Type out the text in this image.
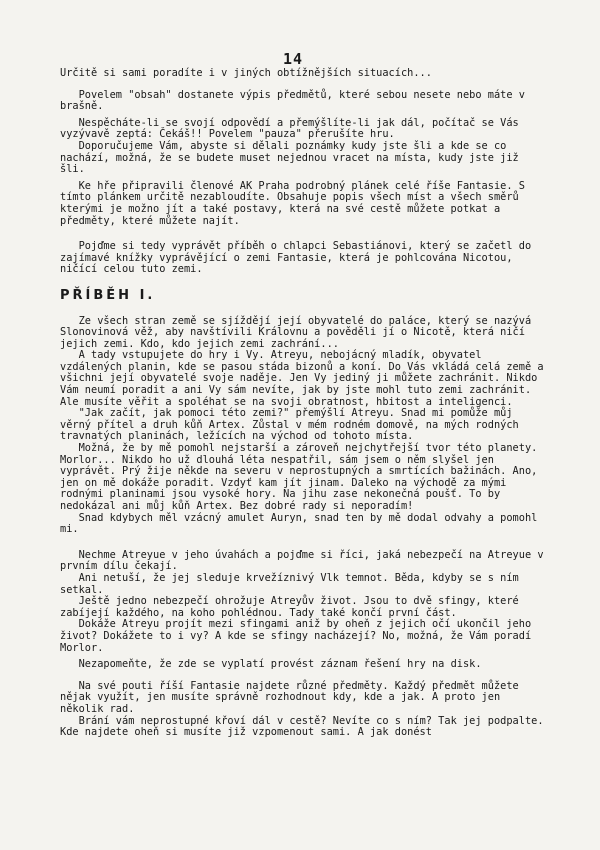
14

Určitě si sami poradíte i v jiných obtížnějších situacích...

Povelem "obsah" dostanete výpis předmětů, které sebou nesete nebo máte v brašně.

Nespěcháte-li se svojí odpovědí a přemýšlíte-li jak dál, počítač se Vás vyzývavě zeptá: Čekáš!! Povelem "pauza" přerušíte hru.

Doporučujeme Vám, abyste si dělali poznámky kudy jste šli a kde se co nachází, možná, že se budete muset nejednou vracet na místa, kudy jste již šli.

Ke hře připravili členové AK Praha podrobný plánek celé říše Fantasie. S tímto plánkem určitě nezabloudíte. Obsahuje popis všech míst a všech směrů kterými je možno jít a také postavy, která na své cestě můžete potkat a předměty, které můžete najít.

Pojďme si tedy vyprávět příběh o chlapci Sebastiánovi, který se začetl do zajímavé knížky vyprávějící o zemi Fantasie, která je pohlcována Nicotou, ničící celou tuto zemi.

PŘÍBĚH I.

Ze všech stran země se sjíždějí její obyvatelé do paláce, který se nazývá Slonovinová věž, aby navštívili Královnu a pověděli jí o Nicotě, která ničí jejich zemi. Kdo, kdo jejich zemi zachrání...

A tady vstupujete do hry i Vy. Atreyu, nebojácný mladík, obyvatel vzdálených planin, kde se pasou stáda bizonů a koní. Do Vás vkládá celá země a všichni její obyvatelé svoje naděje. Jen Vy jediný ji můžete zachránit. Nikdo Vám neumí poradit a ani Vy sám nevíte, jak by jste mohl tuto zemi zachránit. Ale musíte věřit a spoléhat se na svoji obratnost, hbitost a inteligenci.

"Jak začít, jak pomoci této zemi?" přemýšlí Atreyu. Snad mi pomůže můj věrný přítel a druh kůň Artex. Zůstal v mém rodném domově, na mých rodných travnatých planinách, ležících na východ od tohoto místa.

Možná, že by mě pomohl nejstarší a zároveň nejchytřejší tvor této planety. Morlor... Nikdo ho už dlouhá léta nespatřil, sám jsem o něm slyšel jen vyprávět. Prý žije někde na severu v neprostupných a smrtících bažinách. Ano, jen on mě dokáže poradit. Vzdyť kam jít jinam. Daleko na východě za mými rodnými planinami jsou vysoké hory. Na jihu zase nekonečná poušť. To by nedokázal ani můj kůň Artex. Bez dobré rady si neporadím!

Snad kdybych měl vzácný amulet Auryn, snad ten by mě dodal odvahy a pomohl mi.

Nechme Atreyue v jeho úvahách a pojďme si říci, jaká nebezpečí na Atreyue v prvním dílu čekají.

Ani netuší, že jej sleduje krvežíznivý Vlk temnot. Běda, kdyby se s ním setkal.

Ještě jedno nebezpečí ohrožuje Atreyův život. Jsou to dvě sfingy, které zabíjejí každého, na koho pohlédnou. Tady také končí první část.

Dokáže Atreyu projít mezi sfingami aniž by oheň z jejich očí ukončil jeho život? Dokážete to i vy? A kde se sfingy nacházejí? No, možná, že Vám poradí Morlor.

Nezapomeňte, že zde se vyplatí provést záznam řešení hry na disk.

Na své pouti říší Fantasie najdete různé předměty. Každý předmět můžete nějak využít, jen musíte správně rozhodnout kdy, kde a jak. A proto jen několik rad.

Brání vám neprostupné křoví dál v cestě? Nevíte co s ním? Tak jej podpalte. Kde najdete oheň si musíte již vzpomenout sami. A jak donést
